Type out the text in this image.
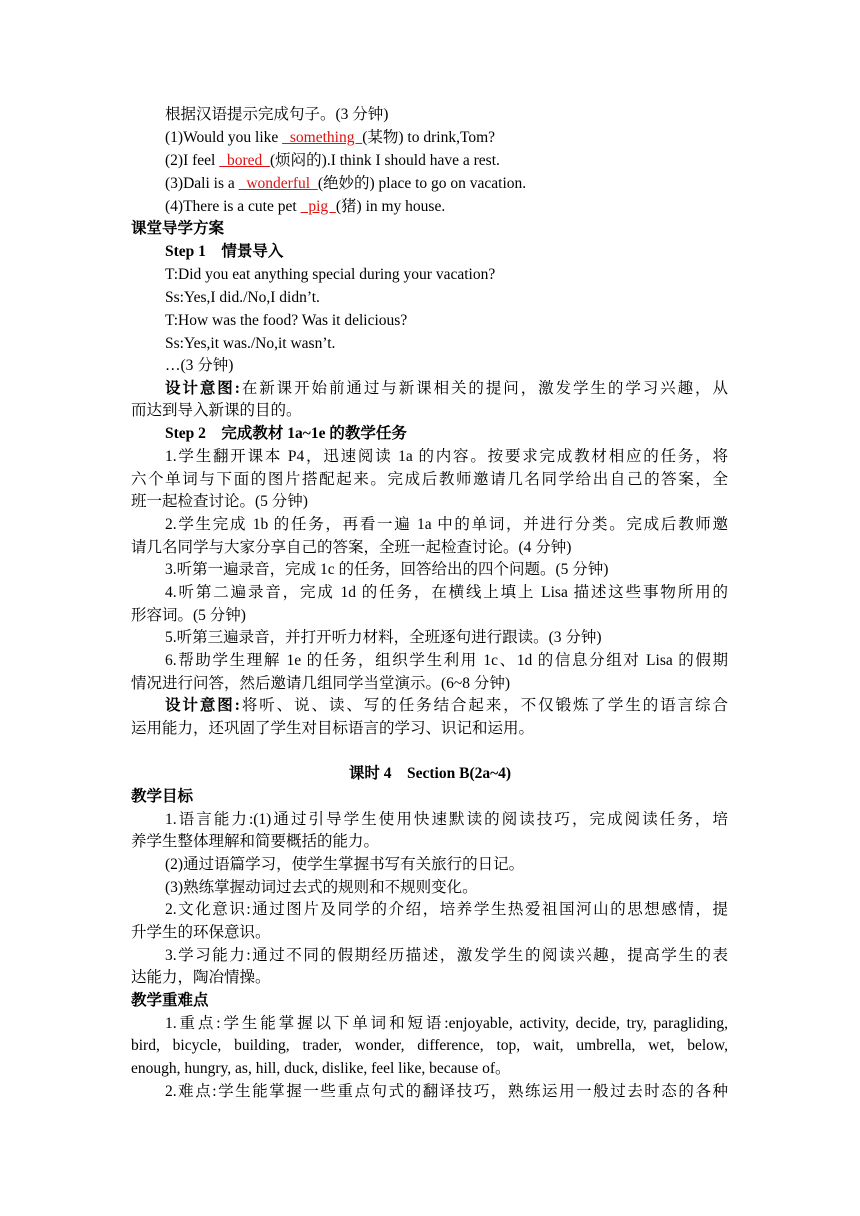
根据汉语提示完成句子。(3 分钟)
(1)Would you like   something  (某物) to drink,Tom?
(2)I feel   bored  (烦闷的).I think I should have a rest.
(3)Dali is a   wonderful  (绝妙的) place to go on vacation.
(4)There is a cute pet   pig  (猪) in my house.
课堂导学方案
Step 1　情景导入
T:Did you eat anything special during your vacation?
Ss:Yes,I did./No,I didn’t.
T:How was the food? Was it delicious?
Ss:Yes,it was./No,it wasn’t.
…(3 分钟)
设计意图:在新课开始前通过与新课相关的提问，激发学生的学习兴趣，从
而达到导入新课的目的。
Step 2　完成教材 1a~1e 的教学任务
1.学生翻开课本 P4，迅速阅读 1a 的内容。按要求完成教材相应的任务，将
六个单词与下面的图片搭配起来。完成后教师邀请几名同学给出自己的答案，全
班一起检查讨论。(5 分钟)
2.学生完成 1b 的任务，再看一遍 1a 中的单词，并进行分类。完成后教师邀
请几名同学与大家分享自己的答案，全班一起检查讨论。(4 分钟)
3.听第一遍录音，完成 1c 的任务，回答给出的四个问题。(5 分钟)
4.听第二遍录音，完成 1d 的任务，在横线上填上 Lisa 描述这些事物所用的
形容词。(5 分钟)
5.听第三遍录音，并打开听力材料，全班逐句进行跟读。(3 分钟)
6.帮助学生理解 1e 的任务，组织学生利用 1c、1d 的信息分组对 Lisa 的假期
情况进行问答，然后邀请几组同学当堂演示。(6~8 分钟)
设计意图:将听、说、读、写的任务结合起来，不仅锻炼了学生的语言综合
运用能力，还巩固了学生对目标语言的学习、识记和运用。
课时 4　Section B(2a~4)
教学目标
1.语言能力:(1)通过引导学生使用快速默读的阅读技巧，完成阅读任务，培
养学生整体理解和简要概括的能力。
(2)通过语篇学习，使学生掌握书写有关旅行的日记。
(3)熟练掌握动词过去式的规则和不规则变化。
2.文化意识:通过图片及同学的介绍，培养学生热爱祖国河山的思想感情，提
升学生的环保意识。
3.学习能力:通过不同的假期经历描述，激发学生的阅读兴趣，提高学生的表
达能力，陶冶情操。
教学重难点
1.重点:学生能掌握以下单词和短语:enjoyable, activity, decide, try, paragliding,
bird, bicycle, building, trader, wonder, difference, top, wait, umbrella, wet, below,
enough, hungry, as, hill, duck, dislike, feel like, because of。
2.难点:学生能掌握一些重点句式的翻译技巧，熟练运用一般过去时态的各种
